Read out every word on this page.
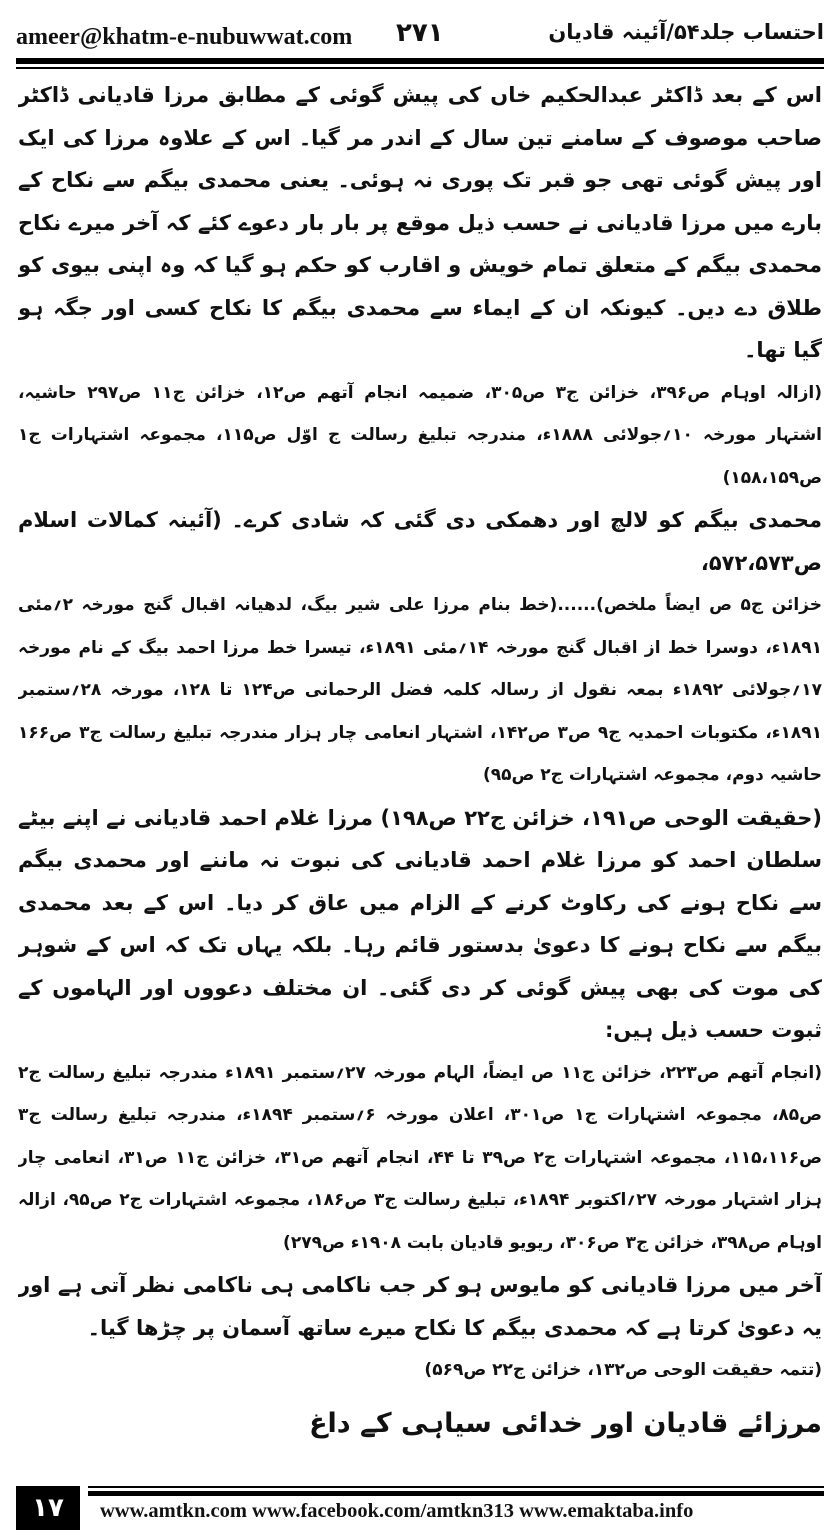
ameer@khatm-e-nubuwwat.com ۲۷۱	احتساب جلد۵۴/آئینہ قادیان

اس کے بعد ڈاکٹر عبدالحکیم خاں کی پیش گوئی کے مطابق مرزا قادیانی ڈاکٹر صاحب موصوف کے سامنے تین سال کے اندر مر گیا۔ اس کے علاوہ مرزا کی ایک اور پیش گوئی تھی جو قبر تک پوری نہ ہوئی۔ یعنی محمدی بیگم سے نکاح کے بارے میں مرزا قادیانی نے حسب ذیل موقع پر بار بار دعوے کئے کہ آخر میرے نکاح محمدی بیگم کے متعلق تمام خویش و اقارب کو حکم ہو گیا کہ وہ اپنی بیوی کو طلاق دے دیں۔ کیونکہ ان کے ایماء سے محمدی بیگم کا نکاح کسی اور جگہ ہو گیا تھا۔

(ازالہ اوہام ص۳۹۶، خزائن ج۳ ص۳۰۵، ضمیمہ انجام آتھم ص۱۲، خزائن ج۱۱ ص۲۹۷ حاشیہ، اشتہار مورخہ ۱۰؍جولائی ۱۸۸۸ء، مندرجہ تبلیغ رسالت ج اوّل ص۱۱۵، مجموعہ اشتہارات ج۱ ص۱۵۸،۱۵۹)

محمدی بیگم کو لالچ اور دھمکی دی گئی کہ شادی کرے۔ (آئینہ کمالات اسلام ص۵۷۲،۵۷۳،

خزائن ج۵ ص ایضاً ملخص)......(خط بنام مرزا علی شیر بیگ، لدھیانہ اقبال گنج مورخہ ۲؍مئی ۱۸۹۱ء، دوسرا خط از اقبال گنج مورخہ ۱۴؍مئی ۱۸۹۱ء، تیسرا خط مرزا احمد بیگ کے نام مورخہ ۱۷؍جولائی ۱۸۹۲ء بمعہ نقول از رسالہ کلمہ فضل الرحمانی ص۱۲۴ تا ۱۲۸، مورخہ ۲۸؍ستمبر ۱۸۹۱ء، مکتوبات احمدیہ ج۹ ص۳ ص۱۴۲، اشتہار انعامی چار ہزار مندرجہ تبلیغ رسالت ج۳ ص۱۶۶ حاشیہ دوم، مجموعہ اشتہارات ج۲ ص۹۵)

(حقیقت الوحی ص۱۹۱، خزائن ج۲۲ ص۱۹۸) مرزا غلام احمد قادیانی نے اپنے بیٹے سلطان احمد کو مرزا غلام احمد قادیانی کی نبوت نہ ماننے اور محمدی بیگم سے نکاح ہونے کی رکاوٹ کرنے کے الزام میں عاق کر دیا۔ اس کے بعد محمدی بیگم سے نکاح ہونے کا دعویٰ بدستور قائم رہا۔ بلکہ یہاں تک کہ اس کے شوہر کی موت کی بھی پیش گوئی کر دی گئی۔ ان مختلف دعووں اور الہاموں کے ثبوت حسب ذیل ہیں:

(انجام آتھم ص۲۲۳، خزائن ج۱۱ ص ایضاً، الہام مورخہ ۲۷؍ستمبر ۱۸۹۱ء مندرجہ تبلیغ رسالت ج۲ ص۸۵، مجموعہ اشتہارات ج۱ ص۳۰۱، اعلان مورخہ ۶؍ستمبر ۱۸۹۴ء، مندرجہ تبلیغ رسالت ج۳ ص۱۱۵،۱۱۶، مجموعہ اشتہارات ج۲ ص۳۹ تا ۴۴، انجام آتھم ص۳۱، خزائن ج۱۱ ص۳۱، انعامی چار ہزار اشتہار مورخہ ۲۷؍اکتوبر ۱۸۹۴ء، تبلیغ رسالت ج۳ ص۱۸۶، مجموعہ اشتہارات ج۲ ص۹۵، ازالہ اوہام ص۳۹۸، خزائن ج۳ ص۳۰۶، ریویو قادیان بابت ۱۹۰۸ء ص۲۷۹)

آخر میں مرزا قادیانی کو مایوس ہو کر جب ناکامی ہی ناکامی نظر آتی ہے اور یہ دعویٰ کرتا ہے کہ محمدی بیگم کا نکاح میرے ساتھ آسمان پر چڑھا گیا۔

(تتمہ حقیقت الوحی ص۱۳۲، خزائن ج۲۲ ص۵۶۹)

مرزائے قادیان اور خدائی سیاہی کے داغ

۱۷	www.amtkn.com www.facebook.com/amtkn313 www.emaktaba.info
